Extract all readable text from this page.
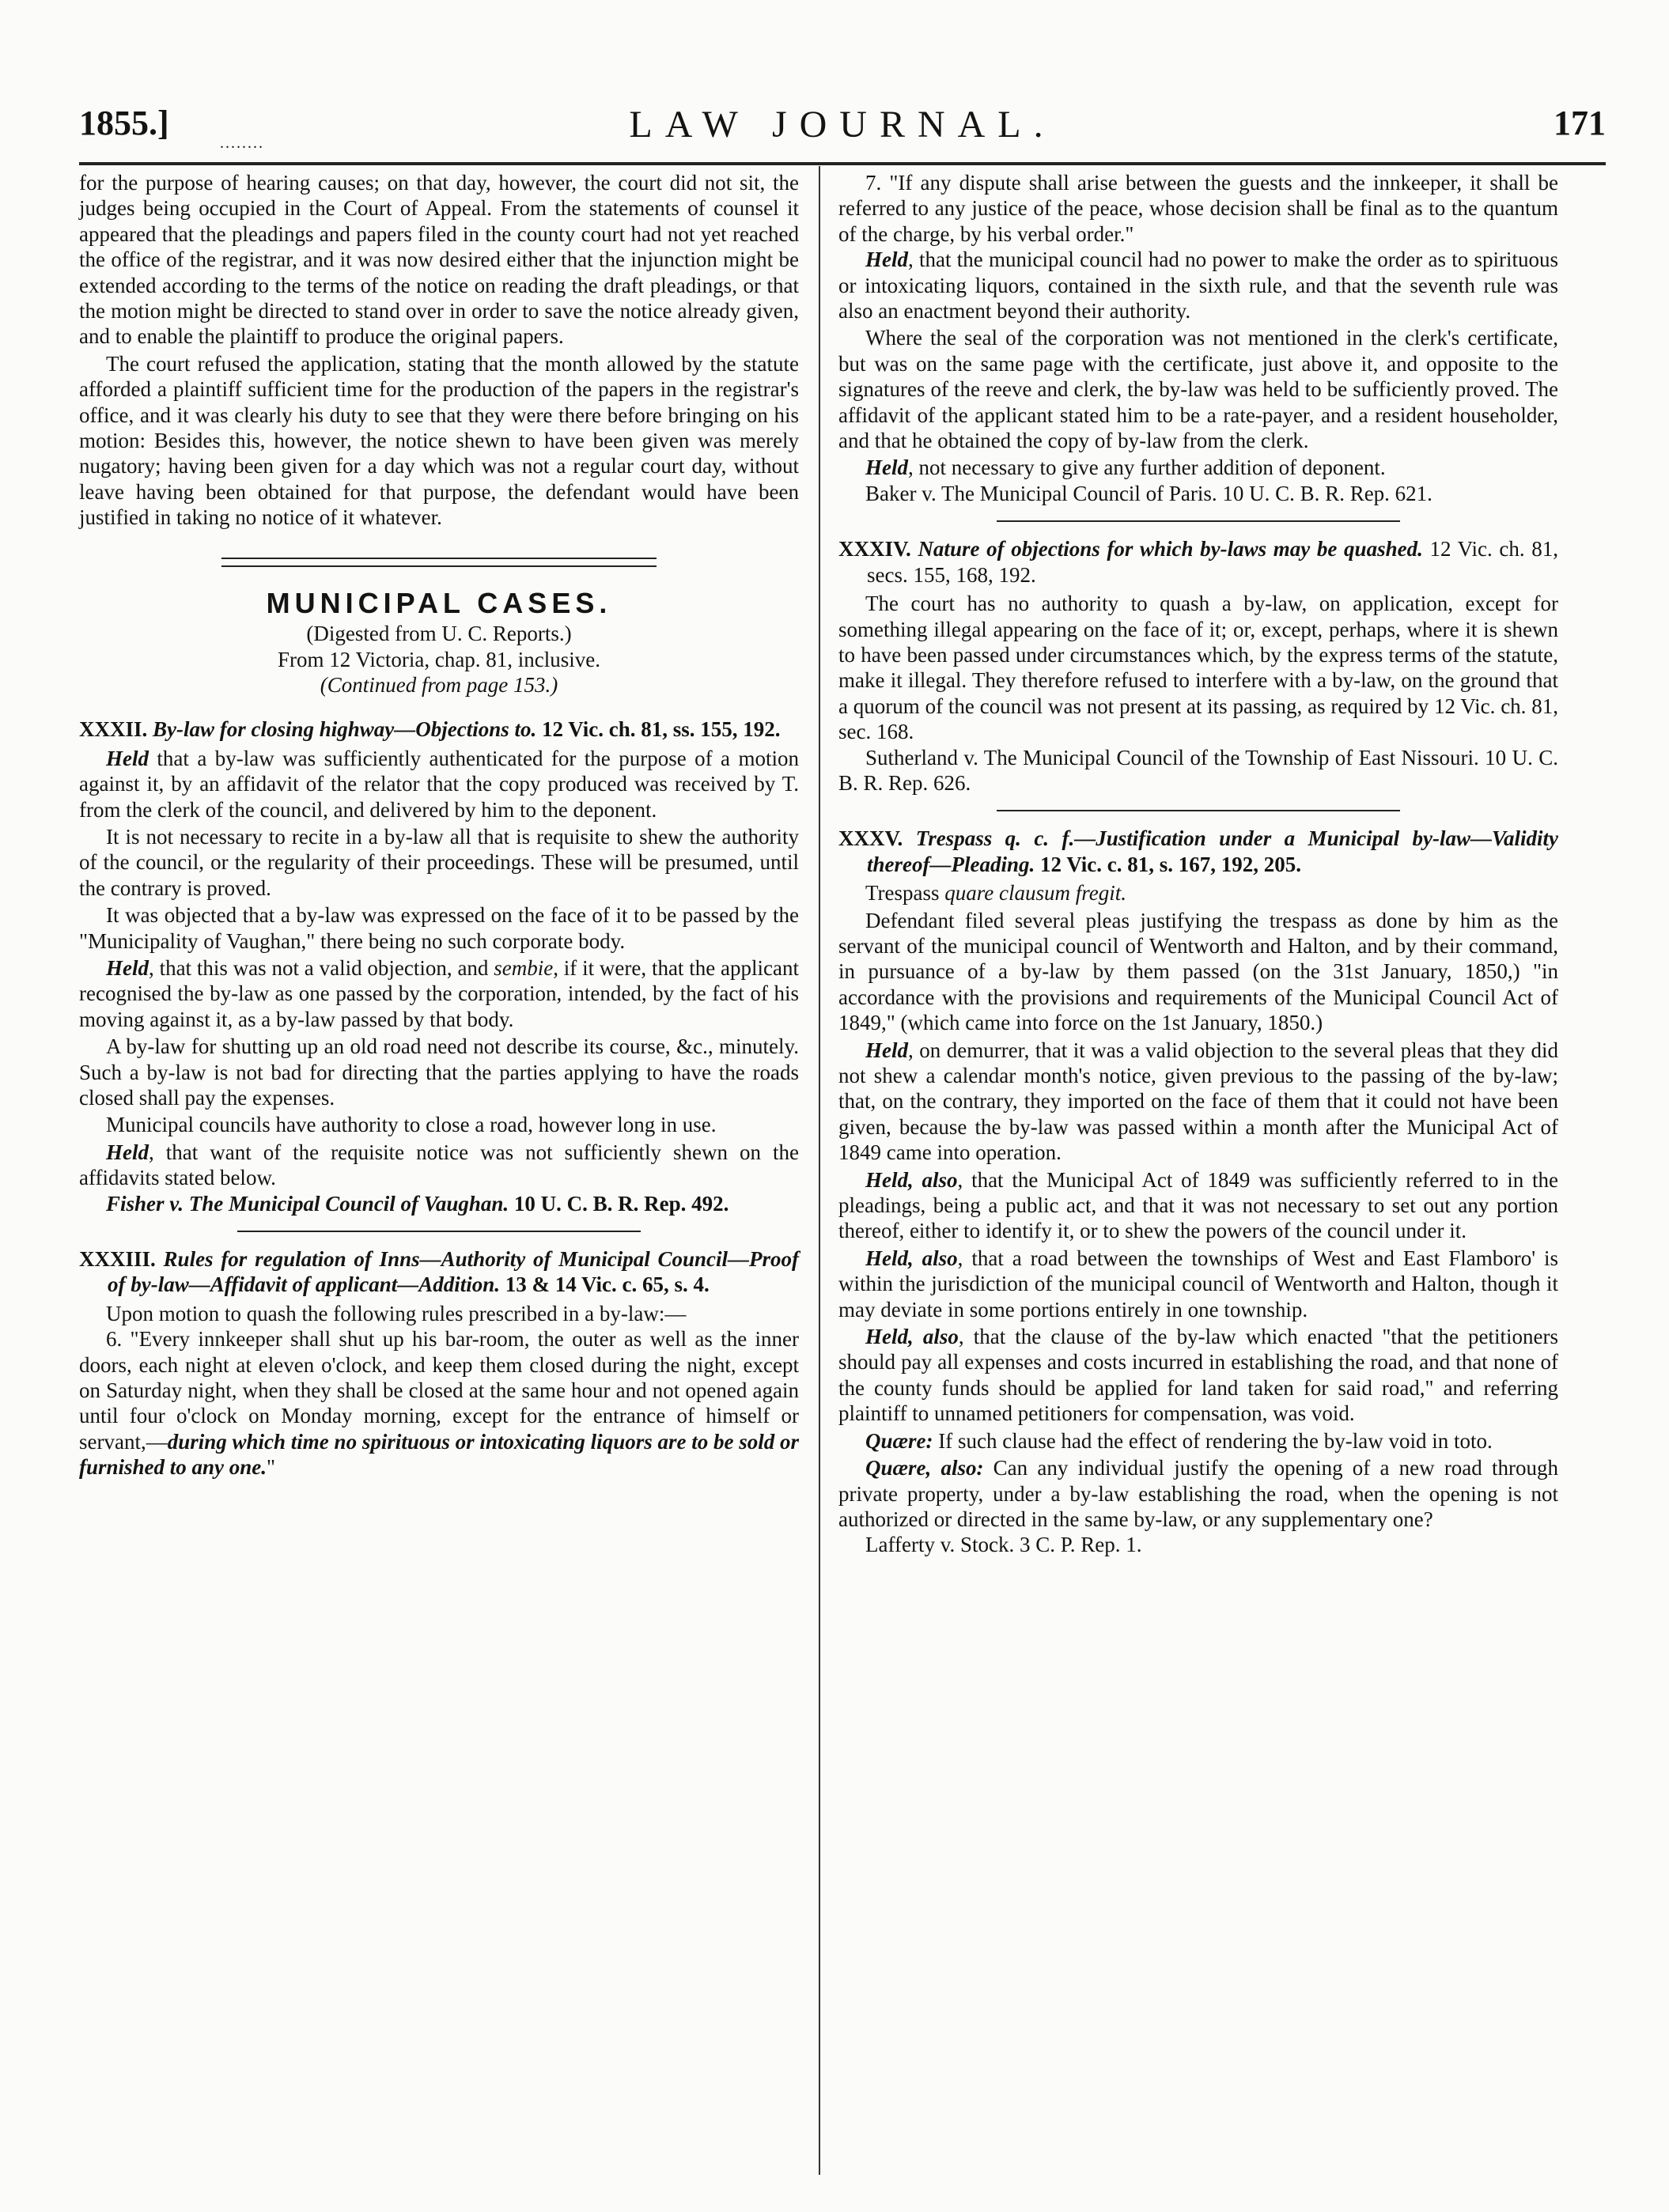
1855.]
........	LAW JOURNAL.	171

for the purpose of hearing causes; on that day, however, the court did not sit, the judges being occupied in the Court of Appeal. From the statements of counsel it appeared that the pleadings and papers filed in the county court had not yet reached the office of the registrar, and it was now desired either that the injunction might be extended according to the terms of the notice on reading the draft pleadings, or that the motion might be directed to stand over in order to save the notice already given, and to enable the plaintiff to produce the original papers.

The court refused the application, stating that the month allowed by the statute afforded a plaintiff sufficient time for the production of the papers in the registrar's office, and it was clearly his duty to see that they were there before bringing on his motion: Besides this, however, the notice shewn to have been given was merely nugatory; having been given for a day which was not a regular court day, without leave having been obtained for that purpose, the defendant would have been justified in taking no notice of it whatever.

MUNICIPAL CASES.

(Digested from U. C. Reports.)

From 12 Victoria, chap. 81, inclusive.

(Continued from page 153.)

XXXII. By-law for closing highway—Objections to. 12 Vic. ch. 81, ss. 155, 192.

Held that a by-law was sufficiently authenticated for the purpose of a motion against it, by an affidavit of the relator that the copy produced was received by T. from the clerk of the council, and delivered by him to the deponent.

It is not necessary to recite in a by-law all that is requisite to shew the authority of the council, or the regularity of their proceedings. These will be presumed, until the contrary is proved.

It was objected that a by-law was expressed on the face of it to be passed by the "Municipality of Vaughan," there being no such corporate body.

Held, that this was not a valid objection, and sembie, if it were, that the applicant recognised the by-law as one passed by the corporation, intended, by the fact of his moving against it, as a by-law passed by that body.

A by-law for shutting up an old road need not describe its course, &c., minutely. Such a by-law is not bad for directing that the parties applying to have the roads closed shall pay the expenses.

Municipal councils have authority to close a road, however long in use.

Held, that want of the requisite notice was not sufficiently shewn on the affidavits stated below.

Fisher v. The Municipal Council of Vaughan. 10 U. C. B. R. Rep. 492.

XXXIII. Rules for regulation of Inns—Authority of Municipal Council—Proof of by-law—Affidavit of applicant—Addition. 13 & 14 Vic. c. 65, s. 4.

Upon motion to quash the following rules prescribed in a by-law:—

6. "Every innkeeper shall shut up his bar-room, the outer as well as the inner doors, each night at eleven o'clock, and keep them closed during the night, except on Saturday night, when they shall be closed at the same hour and not opened again until four o'clock on Monday morning, except for the entrance of himself or servant,—during which time no spirituous or intoxicating liquors are to be sold or furnished to any one."

7. "If any dispute shall arise between the guests and the innkeeper, it shall be referred to any justice of the peace, whose decision shall be final as to the quantum of the charge, by his verbal order."

Held, that the municipal council had no power to make the order as to spirituous or intoxicating liquors, contained in the sixth rule, and that the seventh rule was also an enactment beyond their authority.

Where the seal of the corporation was not mentioned in the clerk's certificate, but was on the same page with the certificate, just above it, and opposite to the signatures of the reeve and clerk, the by-law was held to be sufficiently proved. The affidavit of the applicant stated him to be a rate-payer, and a resident householder, and that he obtained the copy of by-law from the clerk.

Held, not necessary to give any further addition of deponent.

Baker v. The Municipal Council of Paris. 10 U. C. B. R. Rep. 621.

XXXIV. Nature of objections for which by-laws may be quashed. 12 Vic. ch. 81, secs. 155, 168, 192.

The court has no authority to quash a by-law, on application, except for something illegal appearing on the face of it; or, except, perhaps, where it is shewn to have been passed under circumstances which, by the express terms of the statute, make it illegal. They therefore refused to interfere with a by-law, on the ground that a quorum of the council was not present at its passing, as required by 12 Vic. ch. 81, sec. 168.

Sutherland v. The Municipal Council of the Township of East Nissouri. 10 U. C. B. R. Rep. 626.

XXXV. Trespass q. c. f.—Justification under a Municipal by-law—Validity thereof—Pleading. 12 Vic. c. 81, s. 167, 192, 205.

Trespass quare clausum fregit.

Defendant filed several pleas justifying the trespass as done by him as the servant of the municipal council of Wentworth and Halton, and by their command, in pursuance of a by-law by them passed (on the 31st January, 1850,) "in accordance with the provisions and requirements of the Municipal Council Act of 1849," (which came into force on the 1st January, 1850.)

Held, on demurrer, that it was a valid objection to the several pleas that they did not shew a calendar month's notice, given previous to the passing of the by-law; that, on the contrary, they imported on the face of them that it could not have been given, because the by-law was passed within a month after the Municipal Act of 1849 came into operation.

Held, also, that the Municipal Act of 1849 was sufficiently referred to in the pleadings, being a public act, and that it was not necessary to set out any portion thereof, either to identify it, or to shew the powers of the council under it.

Held, also, that a road between the townships of West and East Flamboro' is within the jurisdiction of the municipal council of Wentworth and Halton, though it may deviate in some portions entirely in one township.

Held, also, that the clause of the by-law which enacted "that the petitioners should pay all expenses and costs incurred in establishing the road, and that none of the county funds should be applied for land taken for said road," and referring plaintiff to unnamed petitioners for compensation, was void.

Quære: If such clause had the effect of rendering the by-law void in toto.

Quære, also: Can any individual justify the opening of a new road through private property, under a by-law establishing the road, when the opening is not authorized or directed in the same by-law, or any supplementary one?

Lafferty v. Stock. 3 C. P. Rep. 1.
